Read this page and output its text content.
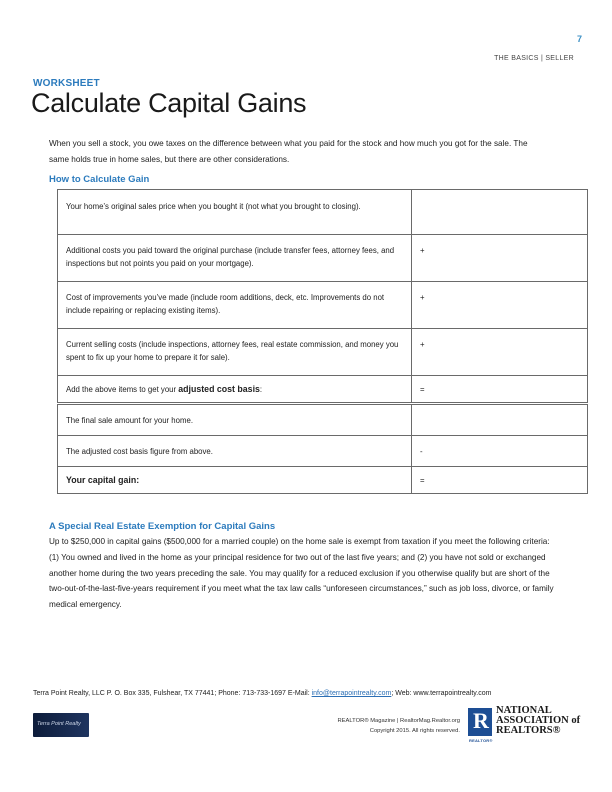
7
THE BASICS | SELLER
WORKSHEET
Calculate Capital Gains
When you sell a stock, you owe taxes on the difference between what you paid for the stock and how much you got for the sale. The same holds true in home sales, but there are other considerations.
How to Calculate Gain
Your home’s original sales price when you bought it (not what you brought to closing).	
Additional costs you paid toward the original purchase (include transfer fees, attorney fees, and inspections but not points you paid on your mortgage).	+
Cost of improvements you’ve made (include room additions, deck, etc. Improvements do not include repairing or replacing existing items).	+
Current selling costs (include inspections, attorney fees, real estate commission, and money you spent to fix up your home to prepare it for sale).	+
Add the above items to get your adjusted cost basis:	=
The final sale amount for your home.	
The adjusted cost basis figure from above.	-
Your capital gain:	=
A Special Real Estate Exemption for Capital Gains
Up to $250,000 in capital gains ($500,000 for a married couple) on the home sale is exempt from taxation if you meet the following criteria: (1) You owned and lived in the home as your principal residence for two out of the last five years; and (2) you have not sold or exchanged another home during the two years preceding the sale. You may qualify for a reduced exclusion if you otherwise qualify but are short of the two-out-of-the-last-five-years requirement if you meet what the tax law calls “unforeseen circumstances,” such as job loss, divorce, or family medical emergency.
Terra Point Realty, LLC P. O. Box 335, Fulshear, TX 77441; Phone: 713-733-1697 E-Mail: info@terrapointrealty.com; Web: www.terrapointrealty.com
Terra Point Realty	REALTOR® Magazine | RealtorMag.Realtor.org
Copyright 2015. All rights reserved. R
REALTOR®
NATIONAL
ASSOCIATION of
REALTORS®
